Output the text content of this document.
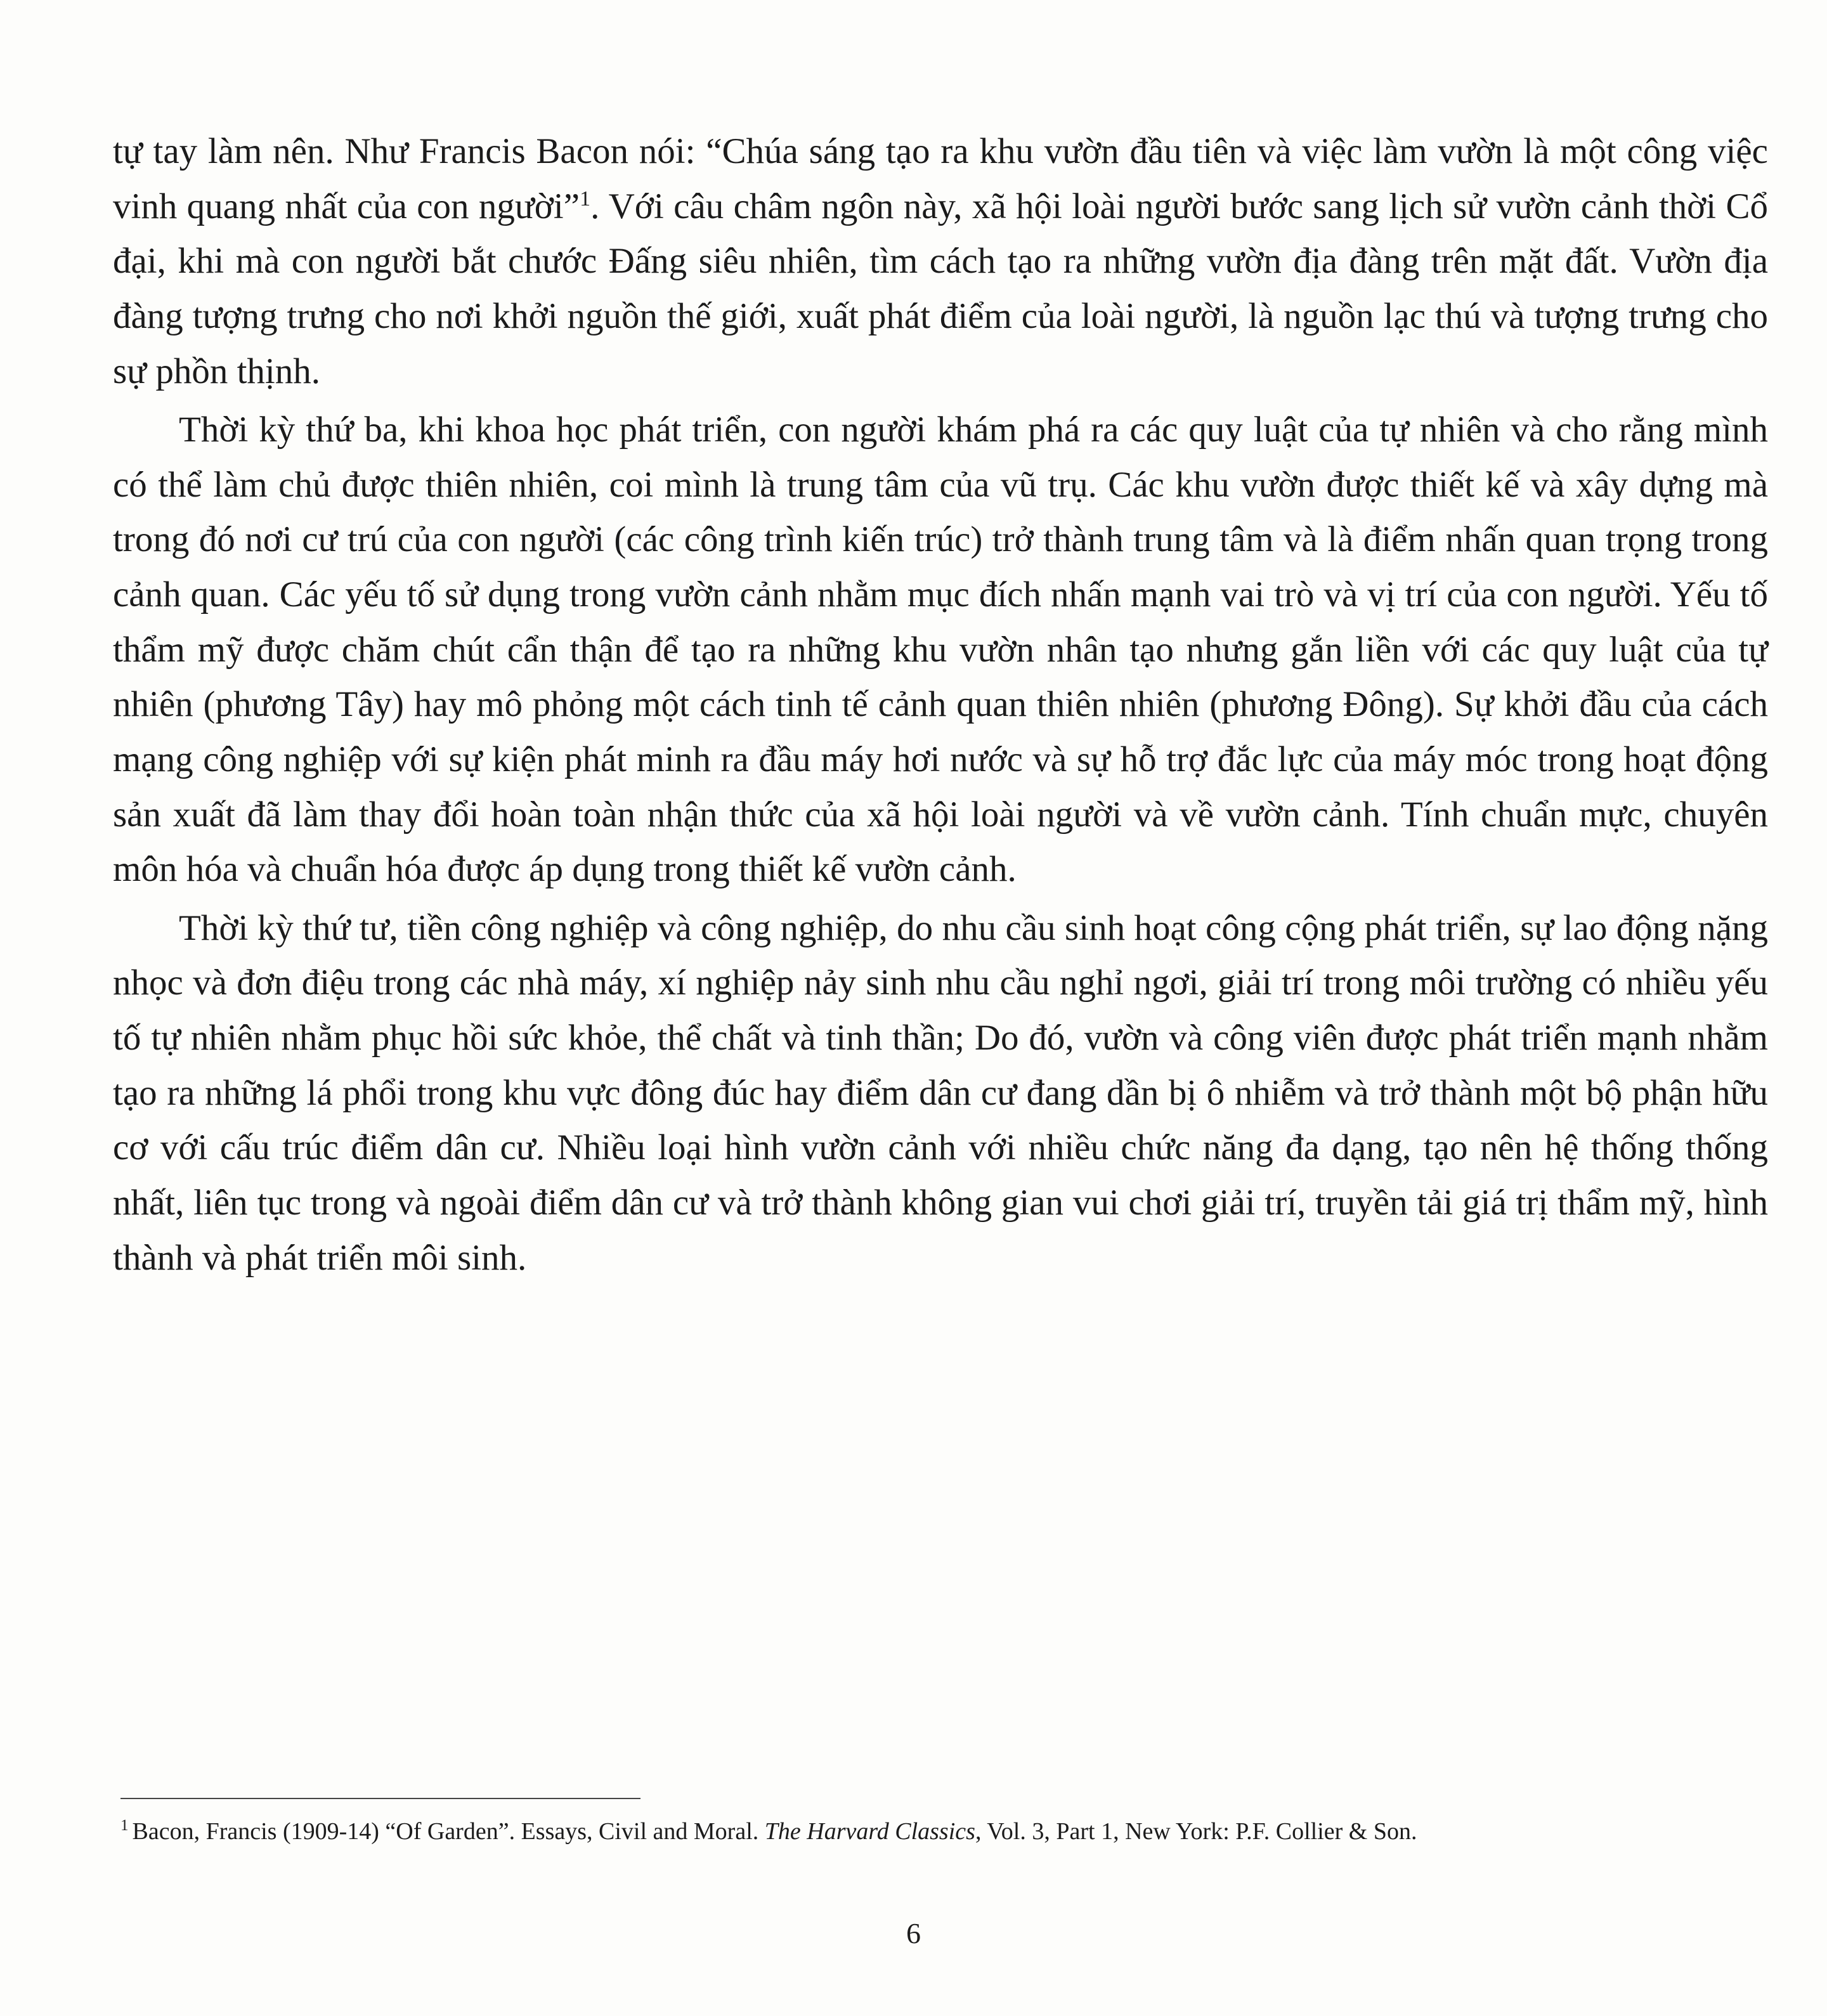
tự tay làm nên. Như Francis Bacon nói: “Chúa sáng tạo ra khu vườn đầu tiên và việc làm vườn là một công việc vinh quang nhất của con người”$^1$. Với câu châm ngôn này, xã hội loài người bước sang lịch sử vườn cảnh thời Cổ đại, khi mà con người bắt chước Đấng siêu nhiên, tìm cách tạo ra những vườn địa đàng trên mặt đất. Vườn địa đàng tượng trưng cho nơi khởi nguồn thế giới, xuất phát điểm của loài người, là nguồn lạc thú và tượng trưng cho sự phồn thịnh.

Thời kỳ thứ ba, khi khoa học phát triển, con người khám phá ra các quy luật của tự nhiên và cho rằng mình có thể làm chủ được thiên nhiên, coi mình là trung tâm của vũ trụ. Các khu vườn được thiết kế và xây dựng mà trong đó nơi cư trú của con người (các công trình kiến trúc) trở thành trung tâm và là điểm nhấn quan trọng trong cảnh quan. Các yếu tố sử dụng trong vườn cảnh nhằm mục đích nhấn mạnh vai trò và vị trí của con người. Yếu tố thẩm mỹ được chăm chút cẩn thận để tạo ra những khu vườn nhân tạo nhưng gắn liền với các quy luật của tự nhiên (phương Tây) hay mô phỏng một cách tinh tế cảnh quan thiên nhiên (phương Đông). Sự khởi đầu của cách mạng công nghiệp với sự kiện phát minh ra đầu máy hơi nước và sự hỗ trợ đắc lực của máy móc trong hoạt động sản xuất đã làm thay đổi hoàn toàn nhận thức của xã hội loài người và về vườn cảnh. Tính chuẩn mực, chuyên môn hóa và chuẩn hóa được áp dụng trong thiết kế vườn cảnh.

Thời kỳ thứ tư, tiền công nghiệp và công nghiệp, do nhu cầu sinh hoạt công cộng phát triển, sự lao động nặng nhọc và đơn điệu trong các nhà máy, xí nghiệp nảy sinh nhu cầu nghỉ ngơi, giải trí trong môi trường có nhiều yếu tố tự nhiên nhằm phục hồi sức khỏe, thể chất và tinh thần; Do đó, vườn và công viên được phát triển mạnh nhằm tạo ra những lá phổi trong khu vực đông đúc hay điểm dân cư đang dần bị ô nhiễm và trở thành một bộ phận hữu cơ với cấu trúc điểm dân cư. Nhiều loại hình vườn cảnh với nhiều chức năng đa dạng, tạo nên hệ thống thống nhất, liên tục trong và ngoài điểm dân cư và trở thành không gian vui chơi giải trí, truyền tải giá trị thẩm mỹ, hình thành và phát triển môi sinh.

$^1$ Bacon, Francis (1909-14) “Of Garden”. Essays, Civil and Moral. The Harvard Classics, Vol. 3, Part 1, New York: P.F. Collier & Son.
6
